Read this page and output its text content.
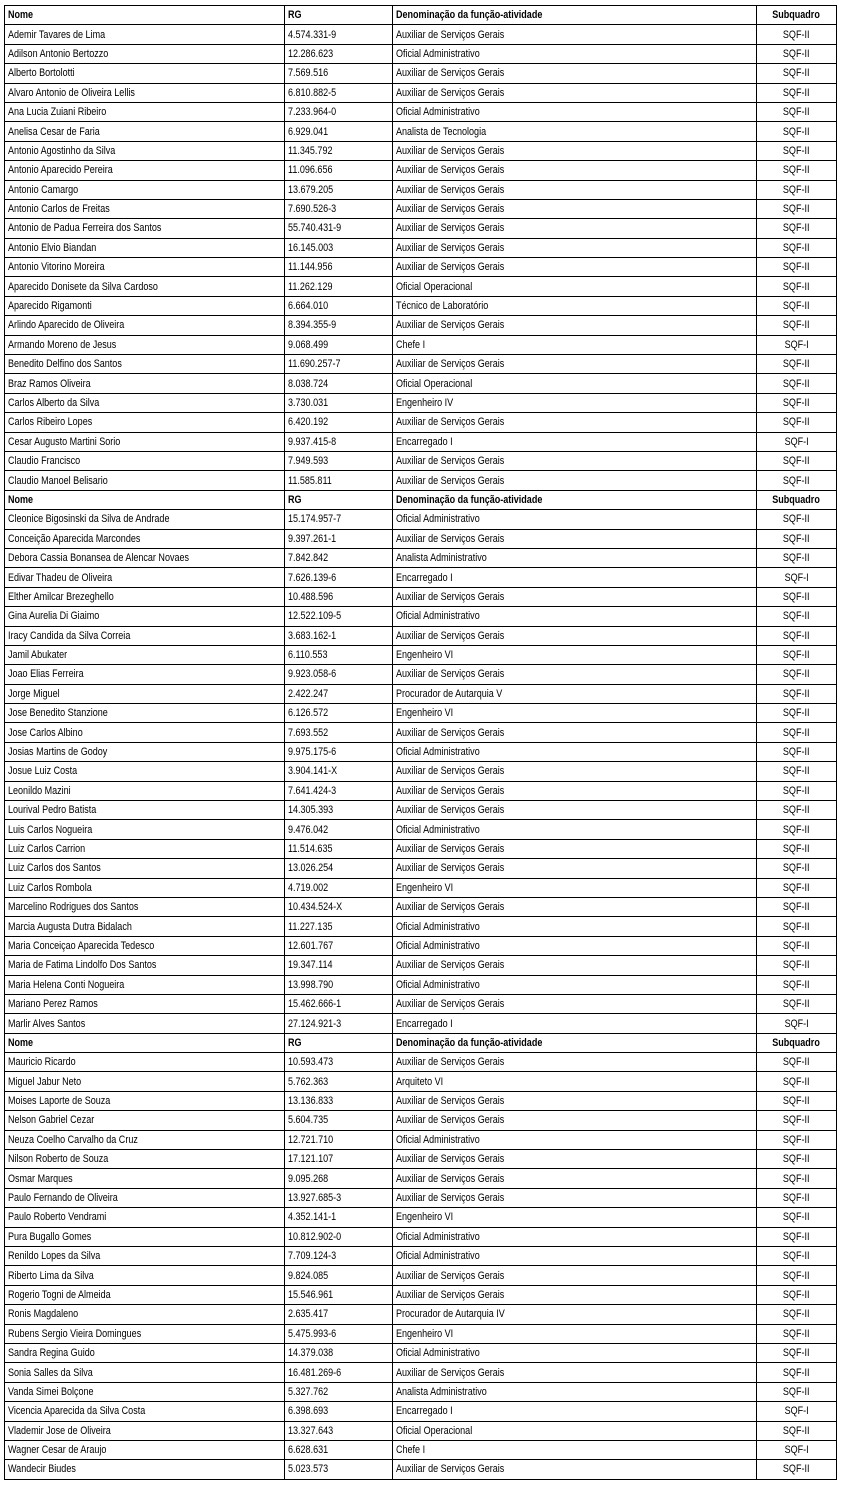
Nome	RG	Denominação da função-atividade	Subquadro
Ademir Tavares de Lima	4.574.331-9	Auxiliar de Serviços Gerais	SQF-II
Adilson Antonio Bertozzo	12.286.623	Oficial Administrativo	SQF-II
Alberto Bortolotti	7.569.516	Auxiliar de Serviços Gerais	SQF-II
Alvaro Antonio de Oliveira Lellis	6.810.882-5	Auxiliar de Serviços Gerais	SQF-II
Ana Lucia Zuiani Ribeiro	7.233.964-0	Oficial Administrativo	SQF-II
Anelisa Cesar de Faria	6.929.041	Analista de Tecnologia	SQF-II
Antonio Agostinho da Silva	11.345.792	Auxiliar de Serviços Gerais	SQF-II
Antonio Aparecido Pereira	11.096.656	Auxiliar de Serviços Gerais	SQF-II
Antonio Camargo	13.679.205	Auxiliar de Serviços Gerais	SQF-II
Antonio Carlos de Freitas	7.690.526-3	Auxiliar de Serviços Gerais	SQF-II
Antonio de Padua Ferreira dos Santos	55.740.431-9	Auxiliar de Serviços Gerais	SQF-II
Antonio Elvio Biandan	16.145.003	Auxiliar de Serviços Gerais	SQF-II
Antonio Vitorino Moreira	11.144.956	Auxiliar de Serviços Gerais	SQF-II
Aparecido Donisete da Silva Cardoso	11.262.129	Oficial Operacional	SQF-II
Aparecido Rigamonti	6.664.010	Técnico de Laboratório	SQF-II
Arlindo Aparecido de Oliveira	8.394.355-9	Auxiliar de Serviços Gerais	SQF-II
Armando Moreno de Jesus	9.068.499	Chefe I	SQF-I
Benedito Delfino dos Santos	11.690.257-7	Auxiliar de Serviços Gerais	SQF-II
Braz Ramos Oliveira	8.038.724	Oficial Operacional	SQF-II
Carlos Alberto da Silva	3.730.031	Engenheiro IV	SQF-II
Carlos Ribeiro Lopes	6.420.192	Auxiliar de Serviços Gerais	SQF-II
Cesar Augusto Martini Sorio	9.937.415-8	Encarregado I	SQF-I
Claudio Francisco	7.949.593	Auxiliar de Serviços Gerais	SQF-II
Claudio Manoel Belisario	11.585.811	Auxiliar de Serviços Gerais	SQF-II
Nome	RG	Denominação da função-atividade	Subquadro
Cleonice Bigosinski da Silva de Andrade	15.174.957-7	Oficial Administrativo	SQF-II
Conceição Aparecida Marcondes	9.397.261-1	Auxiliar de Serviços Gerais	SQF-II
Debora Cassia Bonansea de Alencar Novaes	7.842.842	Analista Administrativo	SQF-II
Edivar Thadeu de Oliveira	7.626.139-6	Encarregado I	SQF-I
Elther Amilcar Brezeghello	10.488.596	Auxiliar de Serviços Gerais	SQF-II
Gina Aurelia Di Giaimo	12.522.109-5	Oficial Administrativo	SQF-II
Iracy Candida da Silva Correia	3.683.162-1	Auxiliar de Serviços Gerais	SQF-II
Jamil Abukater	6.110.553	Engenheiro VI	SQF-II
Joao Elias Ferreira	9.923.058-6	Auxiliar de Serviços Gerais	SQF-II
Jorge Miguel	2.422.247	Procurador de Autarquia V	SQF-II
Jose Benedito Stanzione	6.126.572	Engenheiro VI	SQF-II
Jose Carlos Albino	7.693.552	Auxiliar de Serviços Gerais	SQF-II
Josias Martins de Godoy	9.975.175-6	Oficial Administrativo	SQF-II
Josue Luiz Costa	3.904.141-X	Auxiliar de Serviços Gerais	SQF-II
Leonildo Mazini	7.641.424-3	Auxiliar de Serviços Gerais	SQF-II
Lourival Pedro Batista	14.305.393	Auxiliar de Serviços Gerais	SQF-II
Luis Carlos Nogueira	9.476.042	Oficial Administrativo	SQF-II
Luiz Carlos Carrion	11.514.635	Auxiliar de Serviços Gerais	SQF-II
Luiz Carlos dos Santos	13.026.254	Auxiliar de Serviços Gerais	SQF-II
Luiz Carlos Rombola	4.719.002	Engenheiro VI	SQF-II
Marcelino Rodrigues dos Santos	10.434.524-X	Auxiliar de Serviços Gerais	SQF-II
Marcia Augusta Dutra Bidalach	11.227.135	Oficial Administrativo	SQF-II
Maria Conceiçao Aparecida Tedesco	12.601.767	Oficial Administrativo	SQF-II
Maria de Fatima Lindolfo Dos Santos	19.347.114	Auxiliar de Serviços Gerais	SQF-II
Maria Helena Conti Nogueira	13.998.790	Oficial Administrativo	SQF-II
Mariano Perez Ramos	15.462.666-1	Auxiliar de Serviços Gerais	SQF-II
Marlir Alves Santos	27.124.921-3	Encarregado I	SQF-I
Nome	RG	Denominação da função-atividade	Subquadro
Mauricio Ricardo	10.593.473	Auxiliar de Serviços Gerais	SQF-II
Miguel Jabur Neto	5.762.363	Arquiteto VI	SQF-II
Moises Laporte de Souza	13.136.833	Auxiliar de Serviços Gerais	SQF-II
Nelson Gabriel Cezar	5.604.735	Auxiliar de Serviços Gerais	SQF-II
Neuza Coelho Carvalho da Cruz	12.721.710	Oficial Administrativo	SQF-II
Nilson Roberto de Souza	17.121.107	Auxiliar de Serviços Gerais	SQF-II
Osmar Marques	9.095.268	Auxiliar de Serviços Gerais	SQF-II
Paulo Fernando de Oliveira	13.927.685-3	Auxiliar de Serviços Gerais	SQF-II
Paulo Roberto Vendrami	4.352.141-1	Engenheiro VI	SQF-II
Pura Bugallo Gomes	10.812.902-0	Oficial Administrativo	SQF-II
Renildo Lopes da Silva	7.709.124-3	Oficial Administrativo	SQF-II
Riberto Lima da Silva	9.824.085	Auxiliar de Serviços Gerais	SQF-II
Rogerio Togni de Almeida	15.546.961	Auxiliar de Serviços Gerais	SQF-II
Ronis Magdaleno	2.635.417	Procurador de Autarquia IV	SQF-II
Rubens Sergio Vieira Domingues	5.475.993-6	Engenheiro VI	SQF-II
Sandra Regina Guido	14.379.038	Oficial Administrativo	SQF-II
Sonia Salles da Silva	16.481.269-6	Auxiliar de Serviços Gerais	SQF-II
Vanda Simei Bolçone	5.327.762	Analista Administrativo	SQF-II
Vicencia Aparecida da Silva Costa	6.398.693	Encarregado I	SQF-I
Vlademir Jose de Oliveira	13.327.643	Oficial Operacional	SQF-II
Wagner Cesar de Araujo	6.628.631	Chefe I	SQF-I
Wandecir Biudes	5.023.573	Auxiliar de Serviços Gerais	SQF-II
